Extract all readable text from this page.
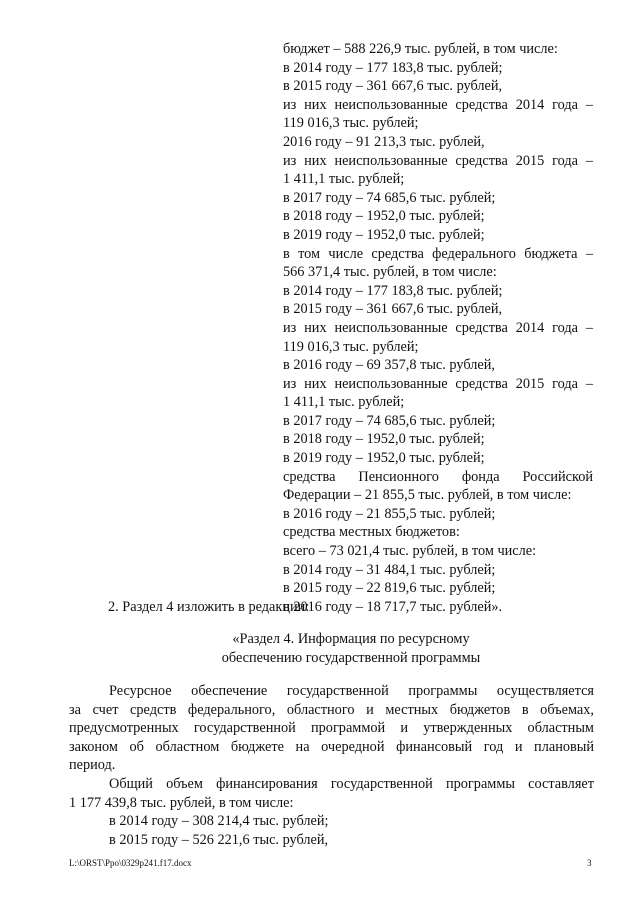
бюджет – 588 226,9 тыс. рублей, в том числе:
в 2014 году – 177 183,8 тыс. рублей;
в 2015 году – 361 667,6 тыс. рублей,
из них неиспользованные средства 2014 года –
119 016,3 тыс. рублей;
2016 году – 91 213,3 тыс. рублей,
из них неиспользованные средства 2015 года –
1 411,1 тыс. рублей;
в 2017 году – 74 685,6 тыс. рублей;
в 2018 году – 1952,0 тыс. рублей;
в 2019 году – 1952,0 тыс. рублей;
в том числе средства федерального бюджета –
566 371,4 тыс. рублей, в том числе:
в 2014 году – 177 183,8 тыс. рублей;
в 2015 году – 361 667,6 тыс. рублей,
из них неиспользованные средства 2014 года –
119 016,3 тыс. рублей;
в 2016 году – 69 357,8 тыс. рублей,
из них неиспользованные средства 2015 года –
1 411,1 тыс. рублей;
в 2017 году – 74 685,6 тыс. рублей;
в 2018 году – 1952,0 тыс. рублей;
в 2019 году – 1952,0 тыс. рублей;
средства Пенсионного фонда Российской
Федерации – 21 855,5 тыс. рублей, в том числе:
в 2016 году – 21 855,5 тыс. рублей;
средства местных бюджетов:
всего – 73 021,4 тыс. рублей, в том числе:
в 2014 году – 31 484,1 тыс. рублей;
в 2015 году – 22 819,6 тыс. рублей;
в 2016 году – 18 717,7 тыс. рублей».
2. Раздел 4 изложить в редакции:
«Раздел 4. Информация по ресурсному
обеспечению государственной программы
Ресурсное обеспечение государственной программы осуществляется
за счет средств федерального, областного и местных бюджетов в объемах,
предусмотренных государственной программой и утвержденных областным
законом об областном бюджете на очередной финансовый год и плановый
период.
Общий объем финансирования государственной программы составляет
1 177 439,8 тыс. рублей, в том числе:
в 2014 году – 308 214,4 тыс. рублей;
в 2015 году – 526 221,6 тыс. рублей,
L:\ORST\Ppo\0329p241.f17.docx	3
